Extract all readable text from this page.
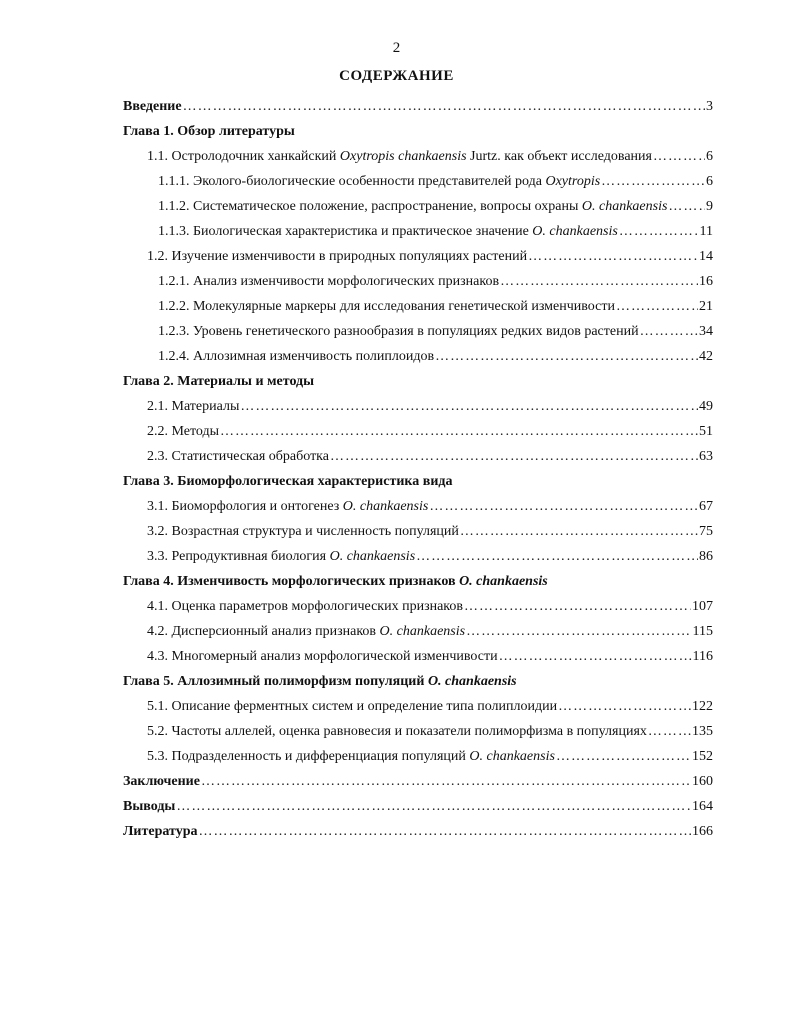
2
СОДЕРЖАНИЕ
Введение ……………………………………………………………………………………………………………………………………………………………………………………	3
Глава 1. Обзор литературы
1.1. Остролодочник ханкайский Oxytropis chankaensis Jurtz. как объект исследования ……………………………………………………………………………………………………………………………………………………………………………………	6
1.1.1. Эколого-биологические особенности представителей рода Oxytropis ……………………………………………………………………………………………………………………………………………………………………………………	6
1.1.2. Систематическое положение, распространение, вопросы охраны O. chankaensis ……………………………………………………………………………………………………………………………………………………………………………………	9
1.1.3. Биологическая характеристика и практическое значение O. chankaensis ……………………………………………………………………………………………………………………………………………………………………………………	11
1.2. Изучение изменчивости в природных популяциях растений ……………………………………………………………………………………………………………………………………………………………………………………	14
1.2.1. Анализ изменчивости морфологических признаков ……………………………………………………………………………………………………………………………………………………………………………………	16
1.2.2. Молекулярные маркеры для исследования генетической изменчивости ……………………………………………………………………………………………………………………………………………………………………………………	21
1.2.3. Уровень генетического разнообразия в популяциях редких видов растений ……………………………………………………………………………………………………………………………………………………………………………………	34
1.2.4. Аллозимная изменчивость полиплоидов ……………………………………………………………………………………………………………………………………………………………………………………	42
Глава 2. Материалы и методы
2.1. Материалы ……………………………………………………………………………………………………………………………………………………………………………………	49
2.2. Методы ……………………………………………………………………………………………………………………………………………………………………………………	51
2.3. Статистическая обработка ……………………………………………………………………………………………………………………………………………………………………………………	63
Глава 3. Биоморфологическая характеристика вида
3.1. Биоморфология и онтогенез O. chankaensis ……………………………………………………………………………………………………………………………………………………………………………………	67
3.2. Возрастная структура и численность популяций ……………………………………………………………………………………………………………………………………………………………………………………	75
3.3. Репродуктивная биология O. chankaensis ……………………………………………………………………………………………………………………………………………………………………………………	86
Глава 4. Изменчивость морфологических признаков O. chankaensis
4.1. Оценка параметров морфологических признаков ……………………………………………………………………………………………………………………………………………………………………………………	107
4.2. Дисперсионный анализ признаков O. chankaensis ……………………………………………………………………………………………………………………………………………………………………………………	115
4.3. Многомерный анализ морфологической изменчивости ……………………………………………………………………………………………………………………………………………………………………………………	116
Глава 5. Аллозимный полиморфизм популяций O. chankaensis
5.1. Описание ферментных систем и определение типа полиплоидии ……………………………………………………………………………………………………………………………………………………………………………………	122
5.2. Частоты аллелей, оценка равновесия и показатели полиморфизма в популяциях ……………………………………………………………………………………………………………………………………………………………………………………	135
5.3. Подразделенность и дифференциация популяций O. chankaensis ……………………………………………………………………………………………………………………………………………………………………………………	152
Заключение ……………………………………………………………………………………………………………………………………………………………………………………	160
Выводы ……………………………………………………………………………………………………………………………………………………………………………………	164
Литература ……………………………………………………………………………………………………………………………………………………………………………………	166
